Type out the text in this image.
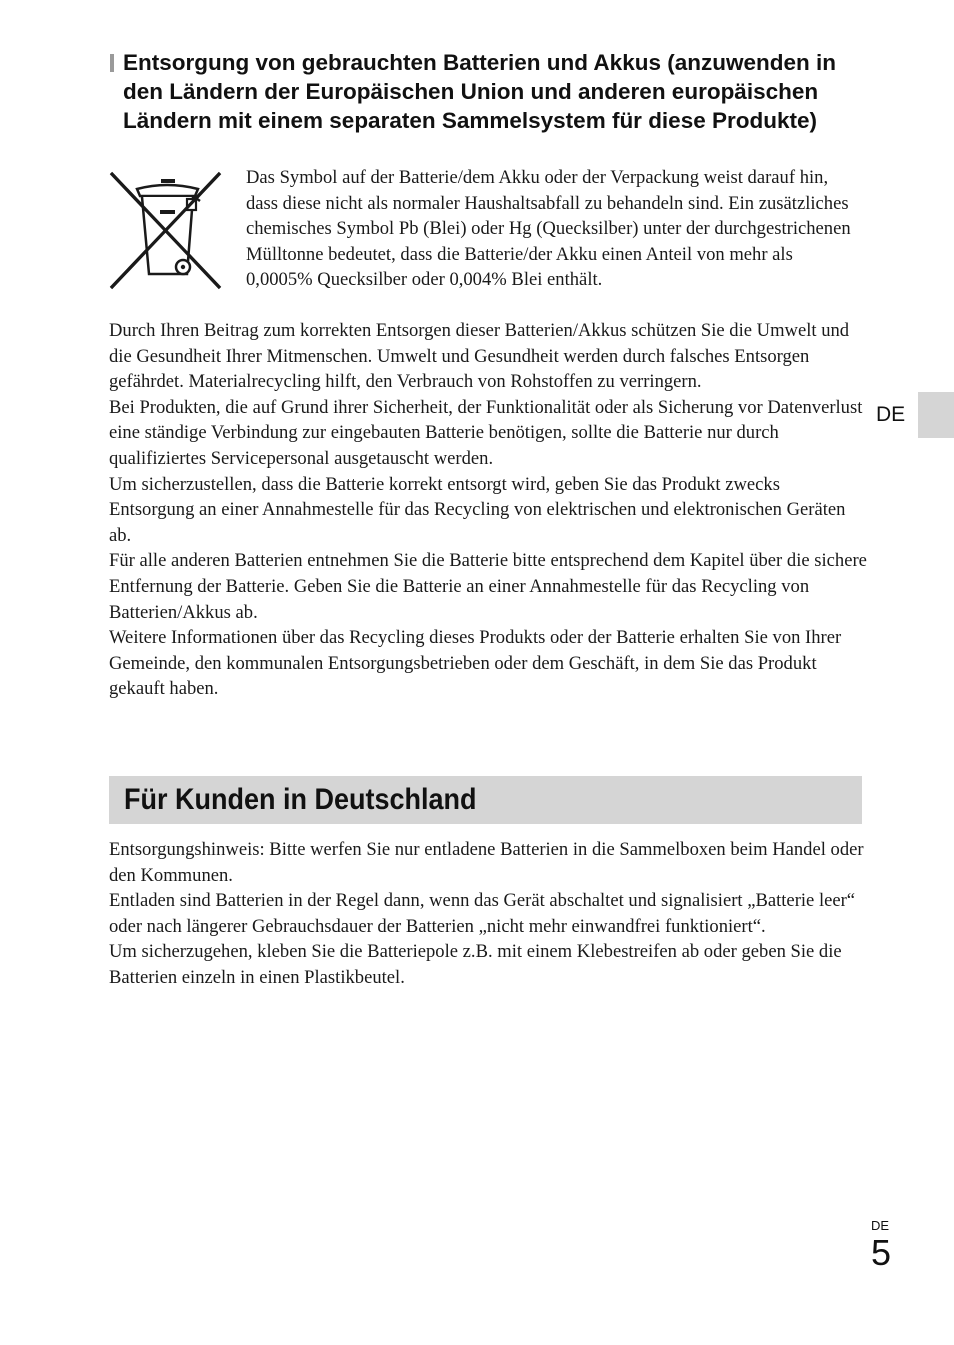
Entsorgung von gebrauchten Batterien und Akkus (anzuwenden in den Ländern der Europäischen Union und anderen europäischen Ländern mit einem separaten Sammelsystem für diese Produkte)

Das Symbol auf der Batterie/dem Akku oder der Verpackung weist darauf hin, dass diese nicht als normaler Haushaltsabfall zu behandeln sind. Ein zusätzliches chemisches Symbol Pb (Blei) oder Hg (Quecksilber) unter der durchgestrichenen Mülltonne bedeutet, dass die Batterie/der Akku einen Anteil von mehr als 0,0005% Quecksilber oder 0,004% Blei enthält.

Durch Ihren Beitrag zum korrekten Entsorgen dieser Batterien/Akkus schützen Sie die Umwelt und die Gesundheit Ihrer Mitmenschen. Umwelt und Gesundheit werden durch falsches Entsorgen gefährdet. Materialrecycling hilft, den Verbrauch von Rohstoffen zu verringern.
Bei Produkten, die auf Grund ihrer Sicherheit, der Funktionalität oder als Sicherung vor Datenverlust eine ständige Verbindung zur eingebauten Batterie benötigen, sollte die Batterie nur durch qualifiziertes Servicepersonal ausgetauscht werden.
Um sicherzustellen, dass die Batterie korrekt entsorgt wird, geben Sie das Produkt zwecks Entsorgung an einer Annahmestelle für das Recycling von elektrischen und elektronischen Geräten ab.
Für alle anderen Batterien entnehmen Sie die Batterie bitte entsprechend dem Kapitel über die sichere Entfernung der Batterie. Geben Sie die Batterie an einer Annahmestelle für das Recycling von Batterien/Akkus ab.
Weitere Informationen über das Recycling dieses Produkts oder der Batterie erhalten Sie von Ihrer Gemeinde, den kommunalen Entsorgungsbetrieben oder dem Geschäft, in dem Sie das Produkt gekauft haben.
Für Kunden in Deutschland
Entsorgungshinweis: Bitte werfen Sie nur entladene Batterien in die Sammelboxen beim Handel oder den Kommunen.
Entladen sind Batterien in der Regel dann, wenn das Gerät abschaltet und signalisiert „Batterie leer“ oder nach längerer Gebrauchsdauer der Batterien „nicht mehr einwandfrei funktioniert“.
Um sicherzugehen, kleben Sie die Batteriepole z.B. mit einem Klebestreifen ab oder geben Sie die Batterien einzeln in einen Plastikbeutel.
DE
DE
5
